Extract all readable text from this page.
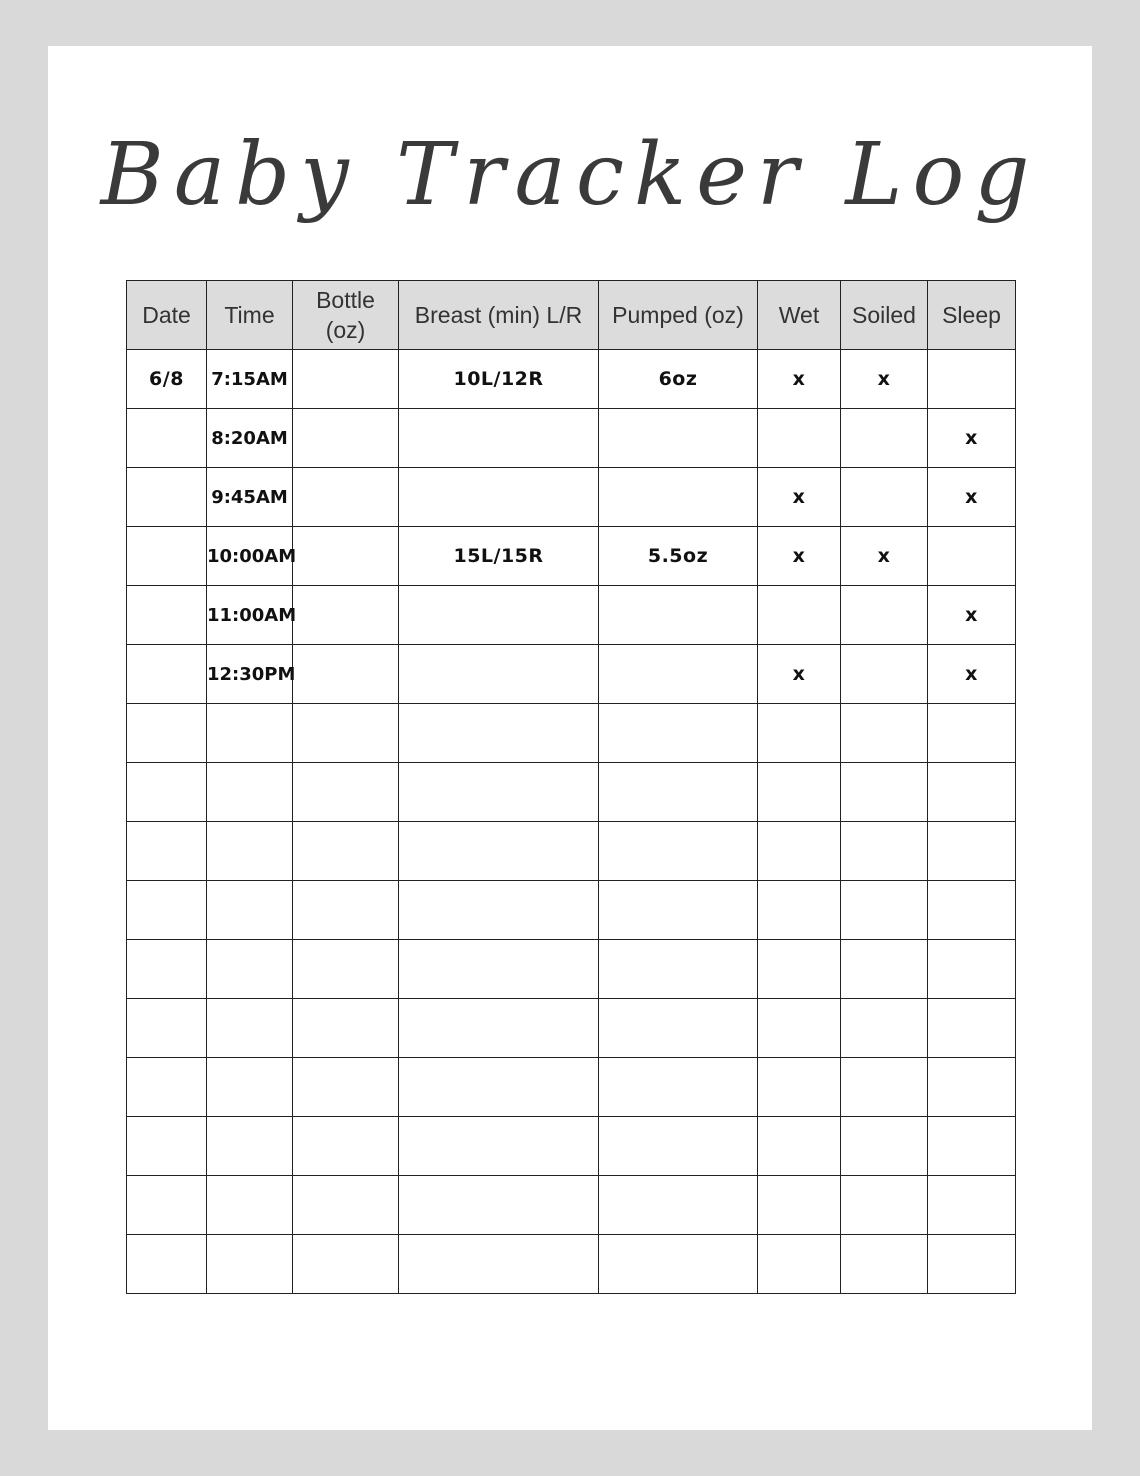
Baby Tracker Log
Date	Time	Bottle (oz)	Breast (min) L/R	Pumped (oz)	Wet	Soiled	Sleep
6/8	7:15AM		10L/12R	6oz	x	x	
	8:20AM						x
	9:45AM				x		x
	10:00AM		15L/15R	5.5oz	x	x	
	11:00AM						x
	12:30PM				x		x
